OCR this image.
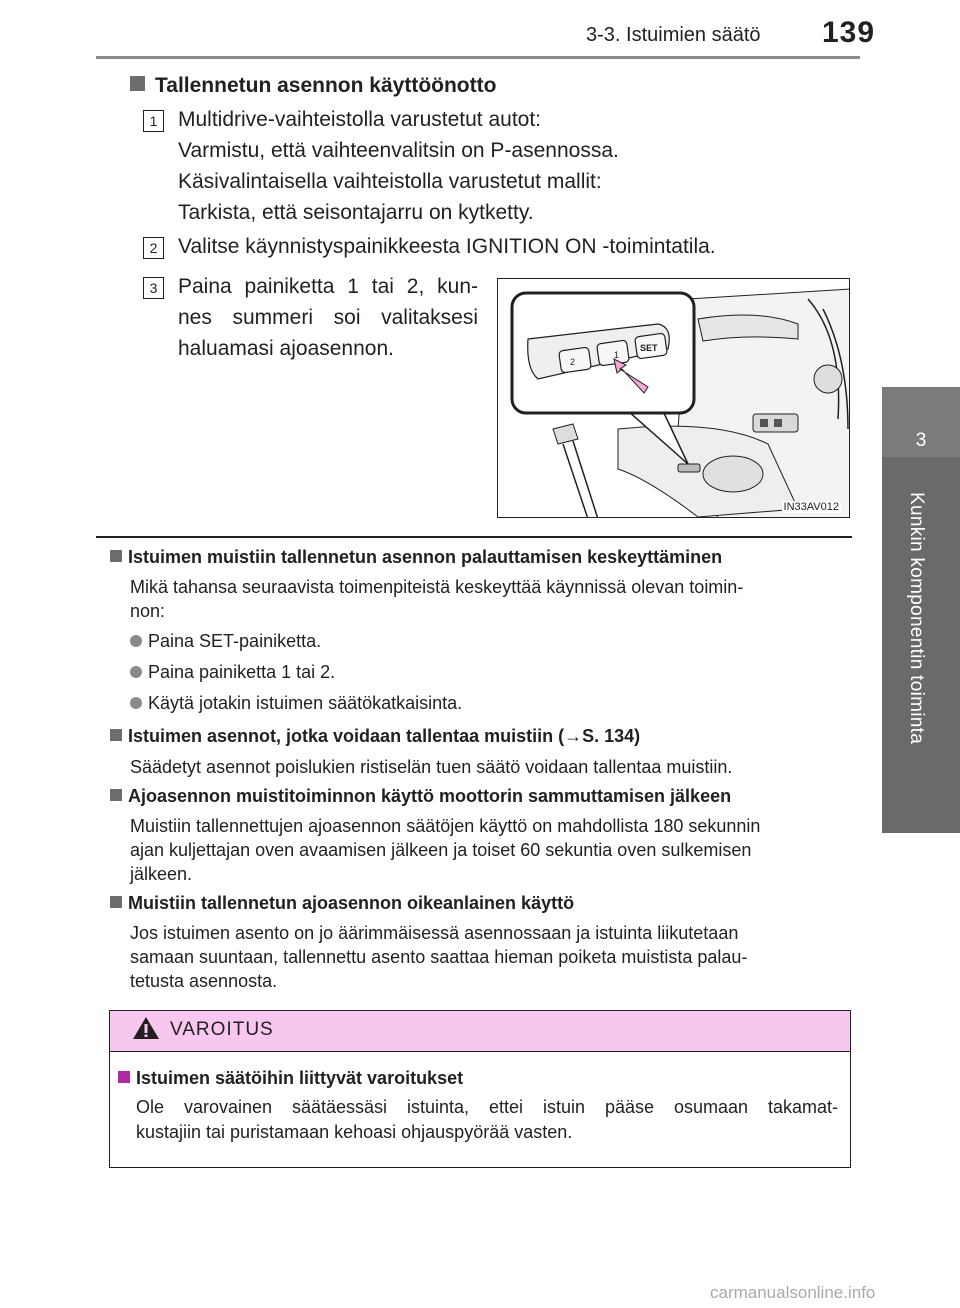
3-3. Istuimien säätö 139
3
Kunkin komponentin toiminta
Tallennetun asennon käyttöönotto
1 Multidrive-vaihteistolla varustetut autot:
Varmistu, että vaihteenvalitsin on P-asennossa.
Käsivalintaisella vaihteistolla varustetut mallit:
Tarkista, että seisontajarru on kytketty.
2 Valitse käynnistyspainikkeesta IGNITION ON -toimintatila.
3 Paina painiketta 1 tai 2, kun-
nes summeri soi valitaksesi
haluamasi ajoasennon.
2
1
SET
IN33AV012
Istuimen muistiin tallennetun asennon palauttamisen keskeyttäminen
Mikä tahansa seuraavista toimenpiteistä keskeyttää käynnissä olevan toimin-
non:
Paina SET-painiketta.
Paina painiketta 1 tai 2.
Käytä jotakin istuimen säätökatkaisinta.
Istuimen asennot, jotka voidaan tallentaa muistiin (→S. 134)
Säädetyt asennot poislukien ristiselän tuen säätö voidaan tallentaa muistiin.
Ajoasennon muistitoiminnon käyttö moottorin sammuttamisen jälkeen
Muistiin tallennettujen ajoasennon säätöjen käyttö on mahdollista 180 sekunnin
ajan kuljettajan oven avaamisen jälkeen ja toiset 60 sekuntia oven sulkemisen
jälkeen.
Muistiin tallennetun ajoasennon oikeanlainen käyttö
Jos istuimen asento on jo äärimmäisessä asennossaan ja istuinta liikutetaan
samaan suuntaan, tallennettu asento saattaa hieman poiketa muistista palau-
tetusta asennosta.
VAROITUS
Istuimen säätöihin liittyvät varoitukset
Ole varovainen säätäessäsi istuinta, ettei istuin pääse osumaan takamat-
kustajiin tai puristamaan kehoasi ohjauspyörää vasten.
carmanualsonline.info
